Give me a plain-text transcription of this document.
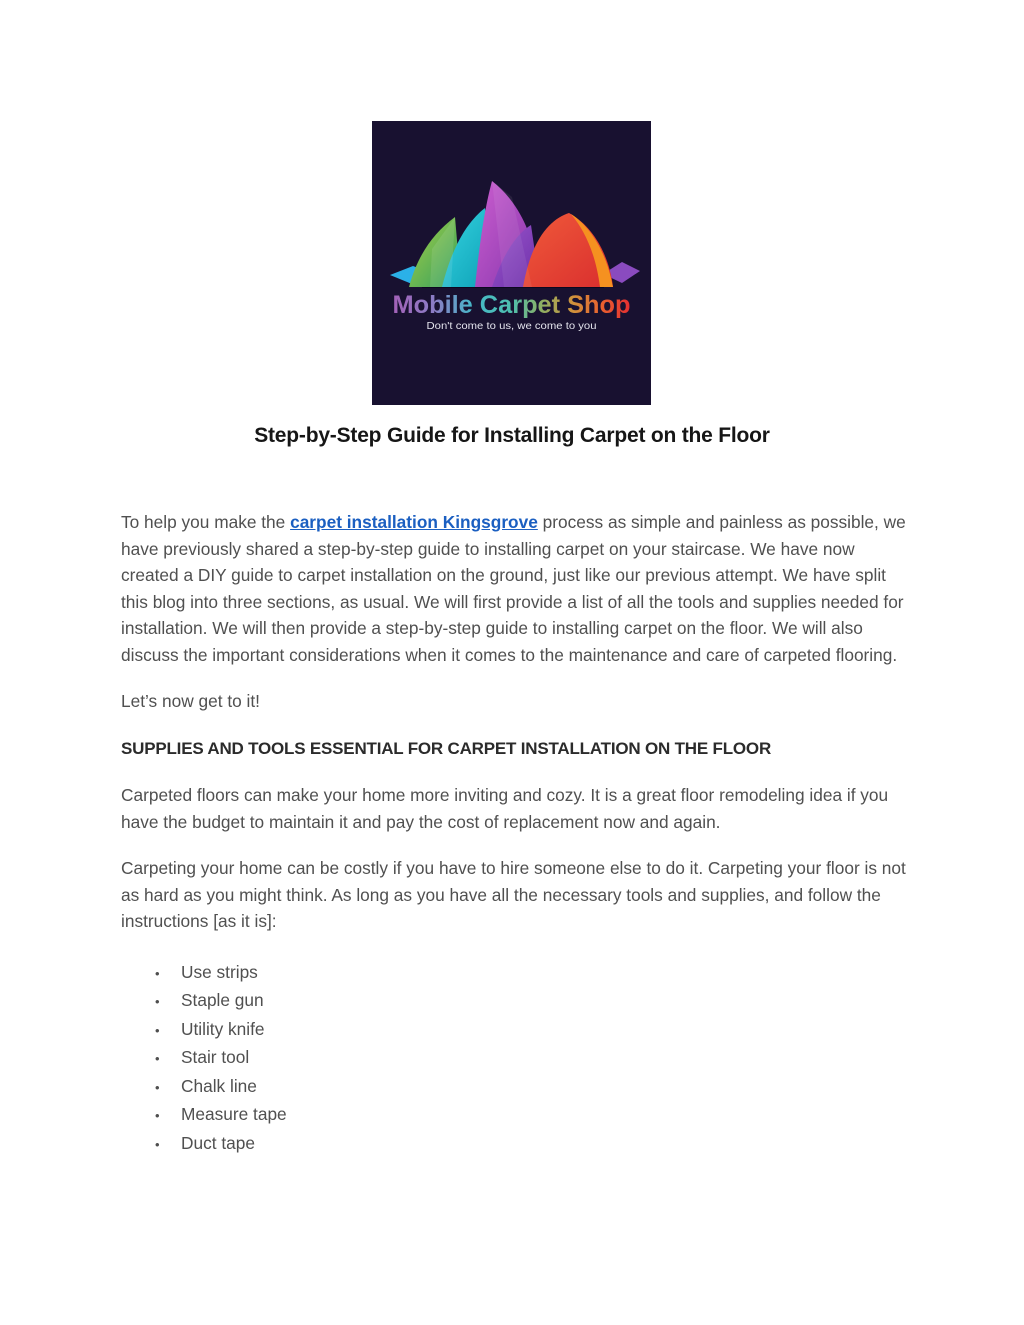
Mobile Carpet Shop
Don't come to us, we come to you
Step-by-Step Guide for Installing Carpet on the Floor

To help you make the carpet installation Kingsgrove process as simple and painless as possible, we have previously shared a step-by-step guide to installing carpet on your staircase. We have now created a DIY guide to carpet installation on the ground, just like our previous attempt. We have split this blog into three sections, as usual. We will first provide a list of all the tools and supplies needed for installation. We will then provide a step-by-step guide to installing carpet on the floor. We will also discuss the important considerations when it comes to the maintenance and care of carpeted flooring.

Let’s now get to it!

SUPPLIES AND TOOLS ESSENTIAL FOR CARPET INSTALLATION ON THE FLOOR

Carpeted floors can make your home more inviting and cozy. It is a great floor remodeling idea if you have the budget to maintain it and pay the cost of replacement now and again.

Carpeting your home can be costly if you have to hire someone else to do it. Carpeting your floor is not as hard as you might think. As long as you have all the necessary tools and supplies, and follow the instructions [as it is]:

• Use strips
• Staple gun
• Utility knife
• Stair tool
• Chalk line
• Measure tape
• Duct tape
